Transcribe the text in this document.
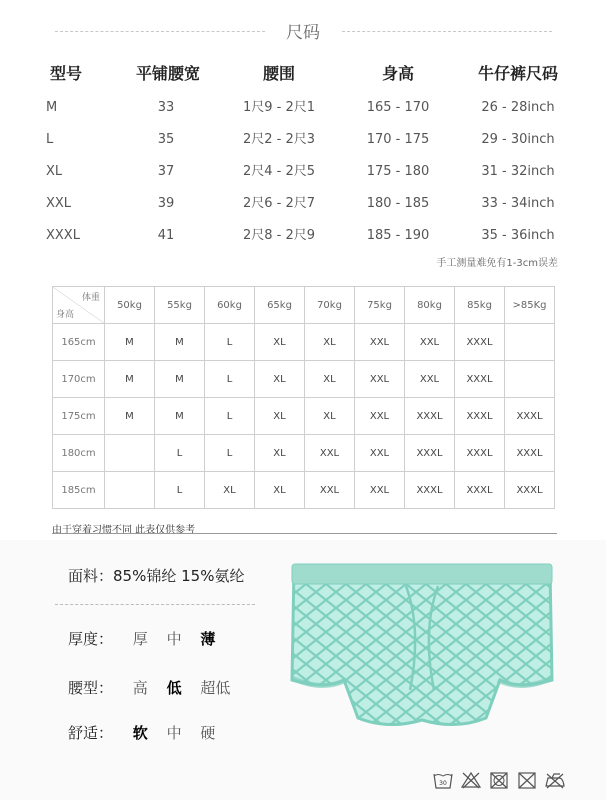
尺码
型号	平铺腰宽	腰围	身高	牛仔裤尺码
M	33	1尺9 - 2尺1	165 - 170	26 - 28inch
L	35	2尺2 - 2尺3	170 - 175	29 - 30inch
XL	37	2尺4 - 2尺5	175 - 180	31 - 32inch
XXL	39	2尺6 - 2尺7	180 - 185	33 - 34inch
XXXL	41	2尺8 - 2尺9	185 - 190	35 - 36inch
手工测量难免有1-3cm误差
体重
身高	50kg	55kg	60kg	65kg	70kg	75kg	80kg	85kg	>85Kg
165cm	M	M	L	XL	XL	XXL	XXL	XXXL	
170cm	M	M	L	XL	XL	XXL	XXL	XXXL	
175cm	M	M	L	XL	XL	XXL	XXXL	XXXL	XXXL
180cm		L	L	XL	XXL	XXL	XXXL	XXXL	XXXL
185cm		L	XL	XL	XXL	XXL	XXXL	XXXL	XXXL
由于穿着习惯不同 此表仅供参考
面料：85%锦纶 15%氨纶
厚度： 厚 中 薄
腰型： 高 低 超低
舒适： 软 中 硬
30
